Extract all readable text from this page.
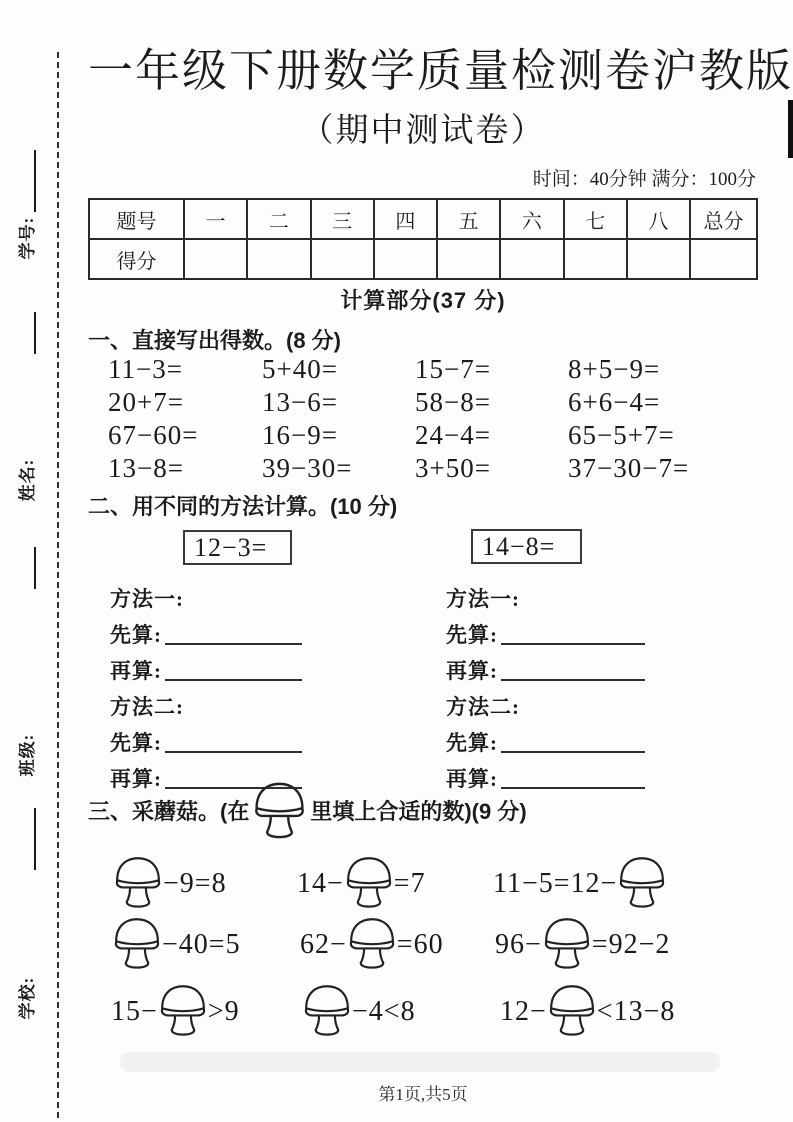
学号:
姓名:
班级:
学校:
一年级下册数学质量检测卷沪教版
（期中测试卷）
时间：40分钟 满分：100分
题号	一	二	三	四	五	六	七	八	总分
得分									
计算部分(37 分)
一、直接写出得数。(8 分)
11−3=	5+40=	15−7=	8+5−9=
20+7=	13−6=	58−8=	6+6−4=
67−60=	16−9=	24−4=	65−5+7=
13−8=	39−30=	3+50=	37−30−7=
二、用不同的方法计算。(10 分)
12−3=	14−8=
方法一:
先算:
再算:
方法二:
先算:
再算:
方法一:
先算:
再算:
方法二:
先算:
再算:
三、采蘑菇。(在	里填上合适的数)(9 分)
−9=8	14− =7 11−5=12−
−40=5 62− =60 96− =92−2
15− >9	−4<8	12− <13−8
第1页,共5页
